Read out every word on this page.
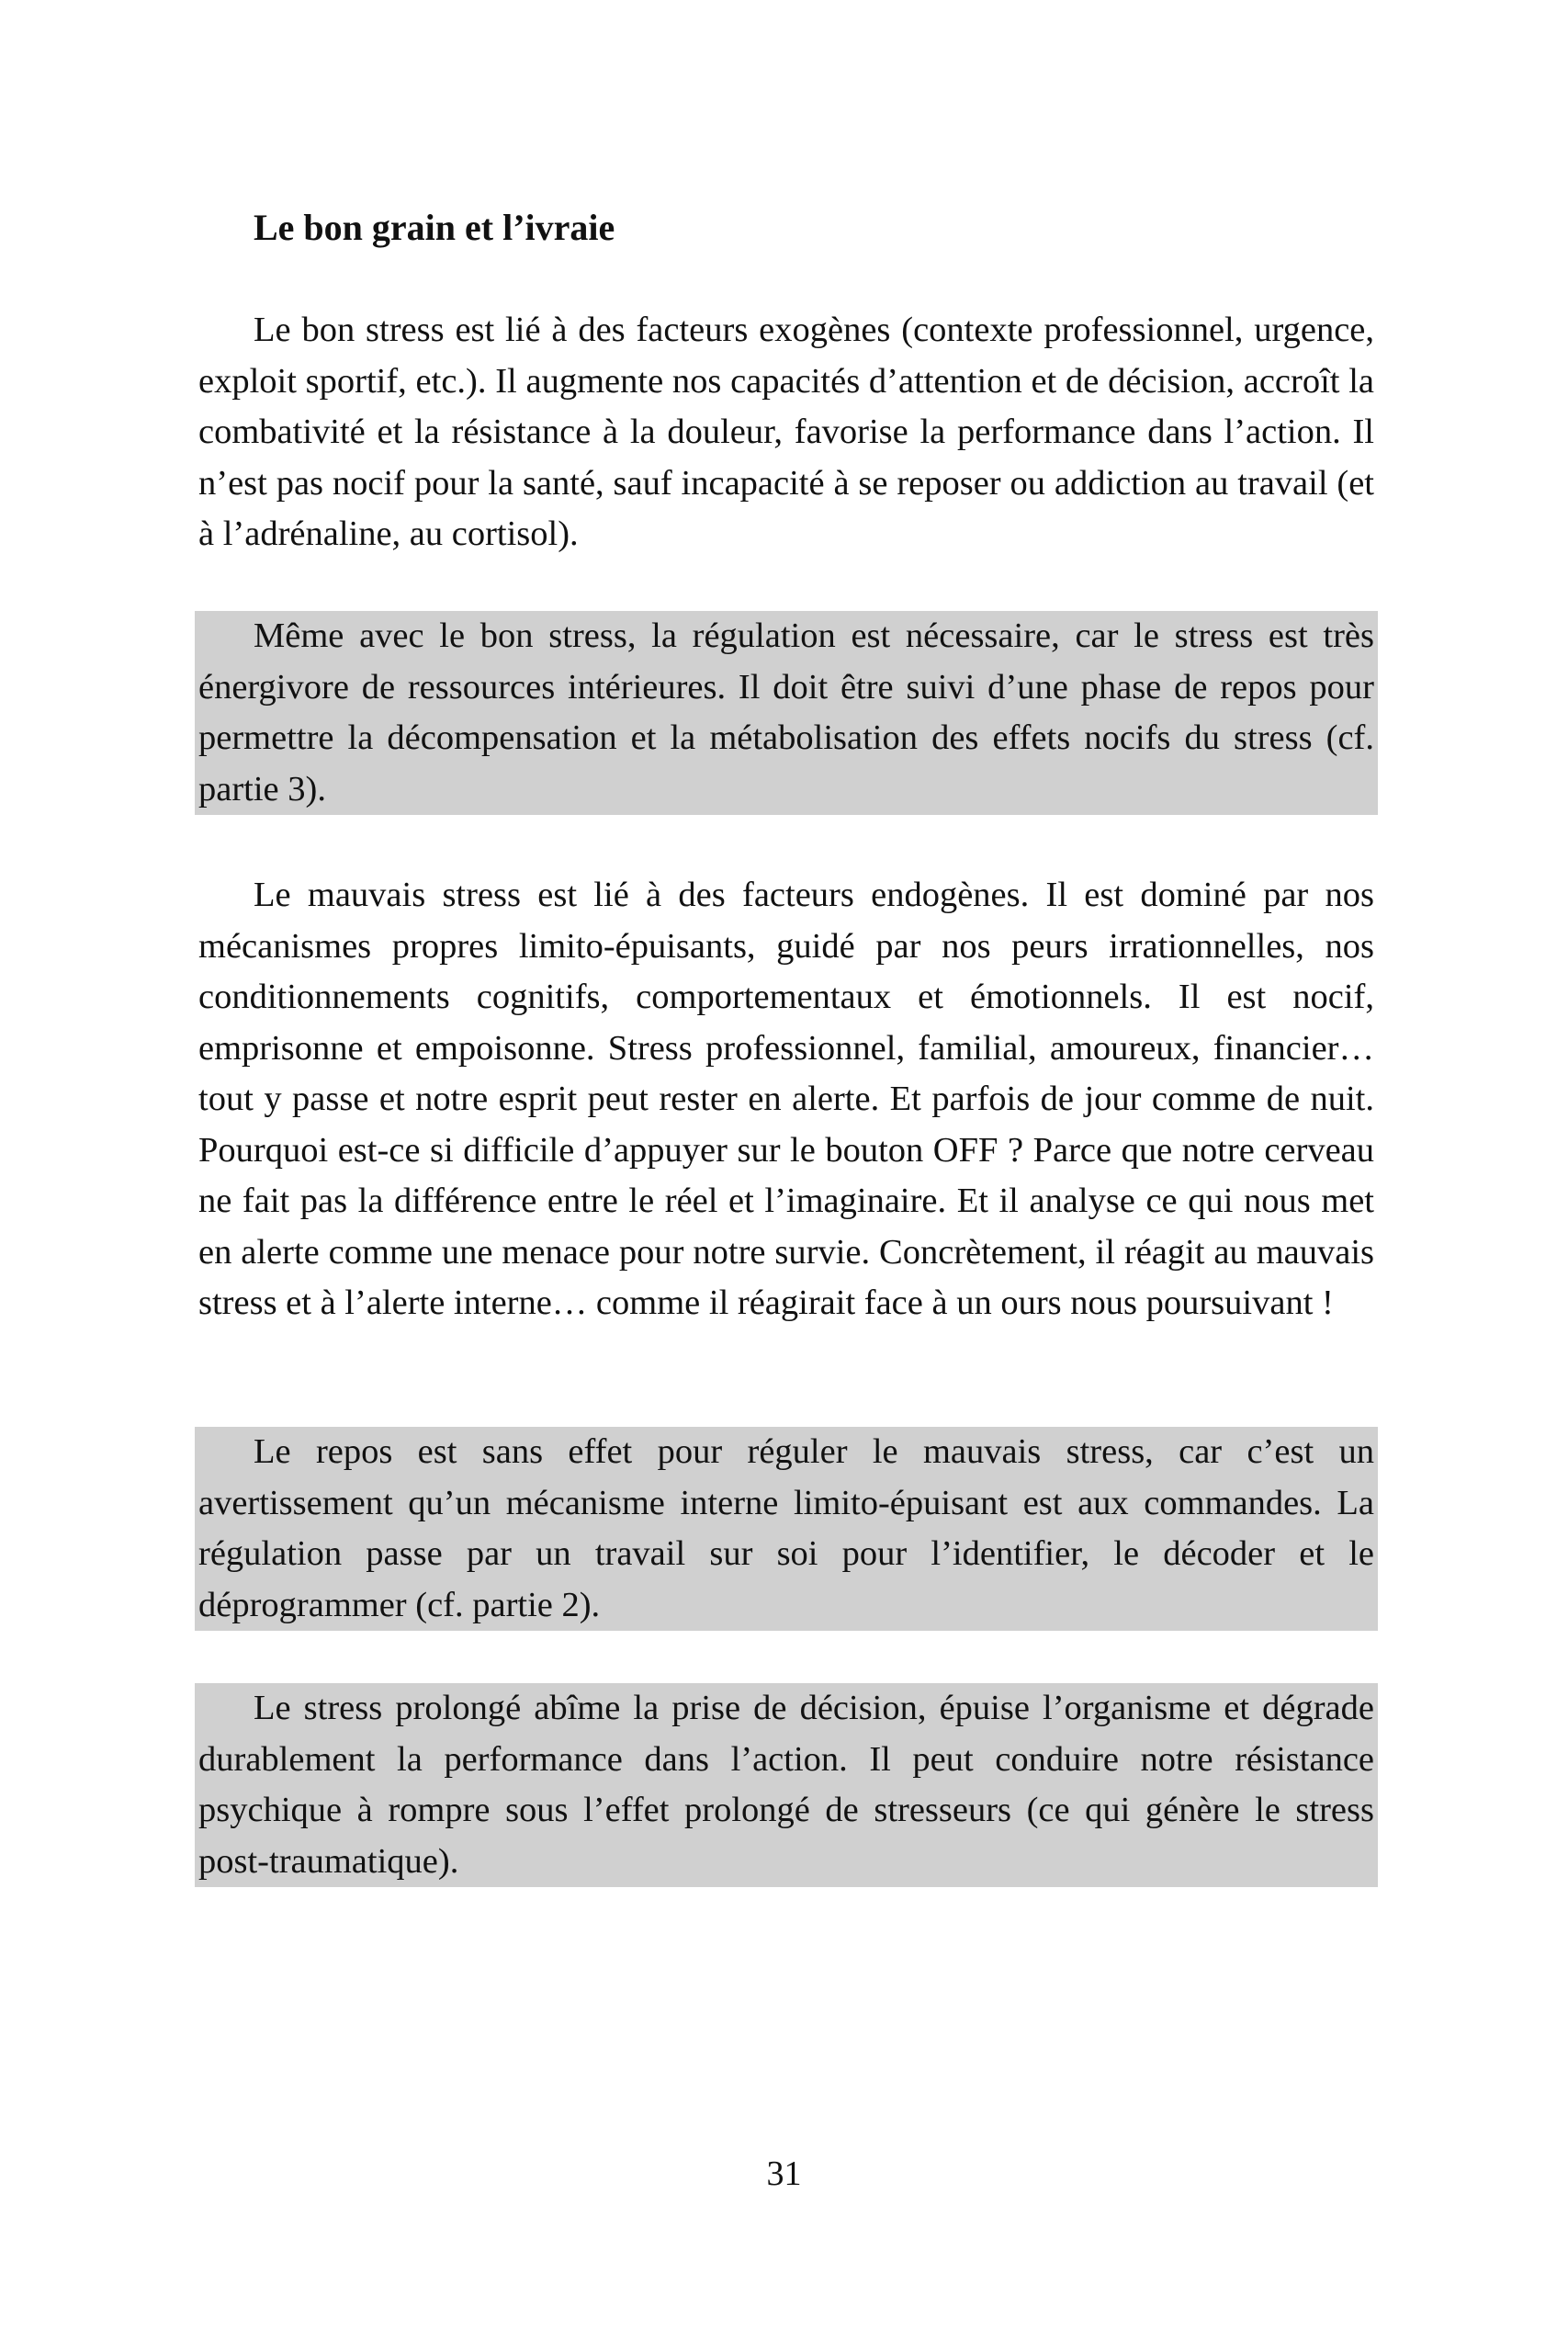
Le bon grain et l’ivraie

Le bon stress est lié à des facteurs exogènes (contexte professionnel, urgence, exploit sportif, etc.). Il augmente nos capacités d’attention et de décision, accroît la combativité et la résistance à la douleur, favorise la performance dans l’action. Il n’est pas nocif pour la santé, sauf incapacité à se reposer ou addiction au travail (et à l’adrénaline, au cortisol).

Même avec le bon stress, la régulation est nécessaire, car le stress est très énergivore de ressources intérieures. Il doit être suivi d’une phase de repos pour permettre la décompensation et la métabolisation des effets nocifs du stress (cf. partie 3).

Le mauvais stress est lié à des facteurs endogènes. Il est dominé par nos mécanismes propres limito-épuisants, guidé par nos peurs irrationnelles, nos conditionnements cognitifs, comportementaux et émotionnels. Il est nocif, emprisonne et empoisonne. Stress professionnel, familial, amoureux, financier… tout y passe et notre esprit peut rester en alerte. Et parfois de jour comme de nuit. Pourquoi est-ce si difficile d’appuyer sur le bouton OFF ? Parce que notre cerveau ne fait pas la différence entre le réel et l’imaginaire. Et il analyse ce qui nous met en alerte comme une menace pour notre survie. Concrètement, il réagit au mauvais stress et à l’alerte interne… comme il réagirait face à un ours nous poursuivant !

Le repos est sans effet pour réguler le mauvais stress, car c’est un avertissement qu’un mécanisme interne limito-épuisant est aux commandes. La régulation passe par un travail sur soi pour l’identifier, le décoder et le déprogrammer (cf. partie 2).

Le stress prolongé abîme la prise de décision, épuise l’organisme et dégrade durablement la performance dans l’action. Il peut conduire notre résistance psychique à rompre sous l’effet prolongé de stresseurs (ce qui génère le stress post-traumatique).

31
